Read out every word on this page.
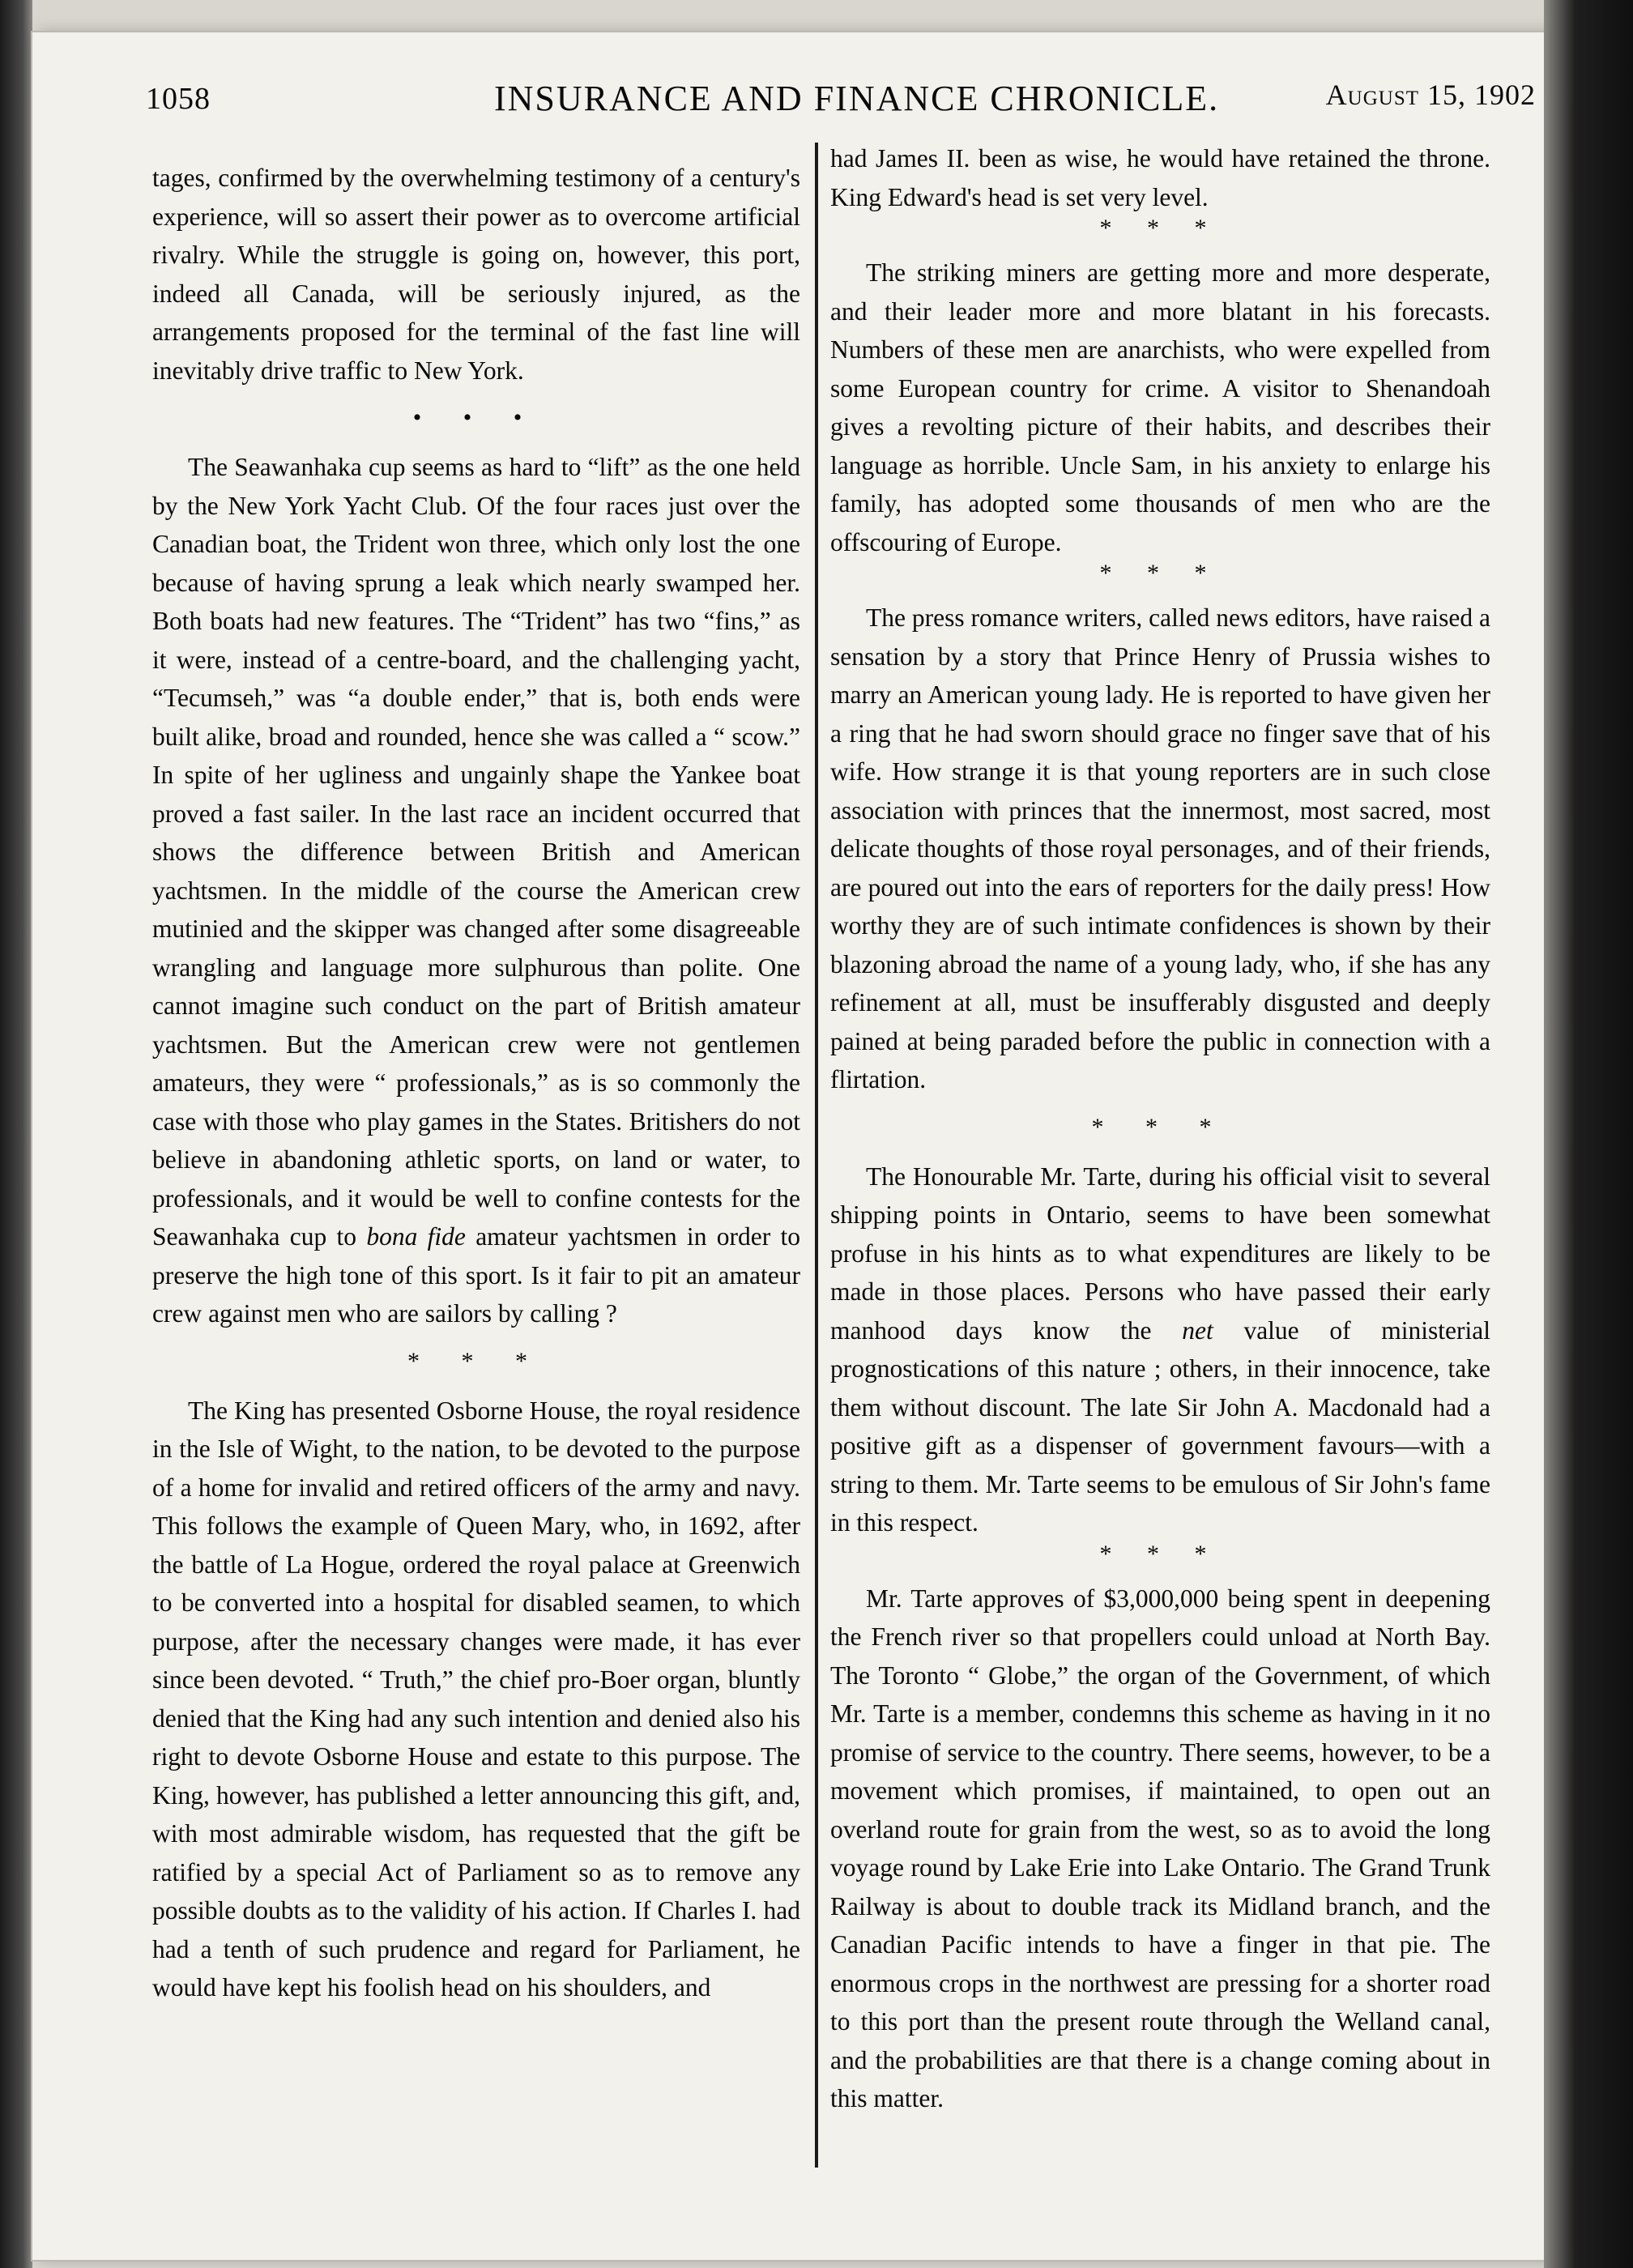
1058	INSURANCE AND FINANCE CHRONICLE.	August 15, 1902

tages, confirmed by the overwhelming testimony of a century's experience, will so assert their power as to overcome artificial rivalry. While the struggle is going on, however, this port, indeed all Canada, will be seriously injured, as the arrangements proposed for the terminal of the fast line will inevitably drive traffic to New York.

• • •

The Seawanhaka cup seems as hard to “lift” as the one held by the New York Yacht Club. Of the four races just over the Canadian boat, the Trident won three, which only lost the one because of having sprung a leak which nearly swamped her. Both boats had new features. The “Trident” has two “fins,” as it were, instead of a centre-board, and the challenging yacht, “Tecumseh,” was “a double ender,” that is, both ends were built alike, broad and rounded, hence she was called a “ scow.” In spite of her ugliness and ungainly shape the Yankee boat proved a fast sailer. In the last race an incident occurred that shows the difference between British and American yachtsmen. In the middle of the course the American crew mutinied and the skipper was changed after some disagreeable wrangling and language more sulphurous than polite. One cannot imagine such conduct on the part of British amateur yachtsmen. But the American crew were not gentlemen amateurs, they were “ professionals,” as is so commonly the case with those who play games in the States. Britishers do not believe in abandoning athletic sports, on land or water, to professionals, and it would be well to confine contests for the Seawanhaka cup to bona fide amateur yachtsmen in order to preserve the high tone of this sport. Is it fair to pit an amateur crew against men who are sailors by calling ?

* * *

The King has presented Osborne House, the royal residence in the Isle of Wight, to the nation, to be devoted to the purpose of a home for invalid and retired officers of the army and navy. This follows the example of Queen Mary, who, in 1692, after the battle of La Hogue, ordered the royal palace at Greenwich to be converted into a hospital for disabled seamen, to which purpose, after the necessary changes were made, it has ever since been devoted. “ Truth,” the chief pro-Boer organ, bluntly denied that the King had any such intention and denied also his right to devote Osborne House and estate to this purpose. The King, however, has published a letter announcing this gift, and, with most admirable wisdom, has requested that the gift be ratified by a special Act of Parliament so as to remove any possible doubts as to the validity of his action. If Charles I. had had a tenth of such prudence and regard for Parliament, he would have kept his foolish head on his shoulders, and

had James II. been as wise, he would have retained the throne. King Edward's head is set very level.

* * *

The striking miners are getting more and more desperate, and their leader more and more blatant in his forecasts. Numbers of these men are anarchists, who were expelled from some European country for crime. A visitor to Shenandoah gives a revolting picture of their habits, and describes their language as horrible. Uncle Sam, in his anxiety to enlarge his family, has adopted some thousands of men who are the offscouring of Europe.

* * *

The press romance writers, called news editors, have raised a sensation by a story that Prince Henry of Prussia wishes to marry an American young lady. He is reported to have given her a ring that he had sworn should grace no finger save that of his wife. How strange it is that young reporters are in such close association with princes that the innermost, most sacred, most delicate thoughts of those royal personages, and of their friends, are poured out into the ears of reporters for the daily press! How worthy they are of such intimate confidences is shown by their blazoning abroad the name of a young lady, who, if she has any refinement at all, must be insufferably disgusted and deeply pained at being paraded before the public in connection with a flirtation.

* * *

The Honourable Mr. Tarte, during his official visit to several shipping points in Ontario, seems to have been somewhat profuse in his hints as to what expenditures are likely to be made in those places. Persons who have passed their early manhood days know the net value of ministerial prognostications of this nature ; others, in their innocence, take them without discount. The late Sir John A. Macdonald had a positive gift as a dispenser of government favours—with a string to them. Mr. Tarte seems to be emulous of Sir John's fame in this respect.

* * *

Mr. Tarte approves of $3,000,000 being spent in deepening the French river so that propellers could unload at North Bay. The Toronto “ Globe,” the organ of the Government, of which Mr. Tarte is a member, condemns this scheme as having in it no promise of service to the country. There seems, however, to be a movement which promises, if maintained, to open out an overland route for grain from the west, so as to avoid the long voyage round by Lake Erie into Lake Ontario. The Grand Trunk Railway is about to double track its Midland branch, and the Canadian Pacific intends to have a finger in that pie. The enormous crops in the northwest are pressing for a shorter road to this port than the present route through the Welland canal, and the probabilities are that there is a change coming about in this matter.
